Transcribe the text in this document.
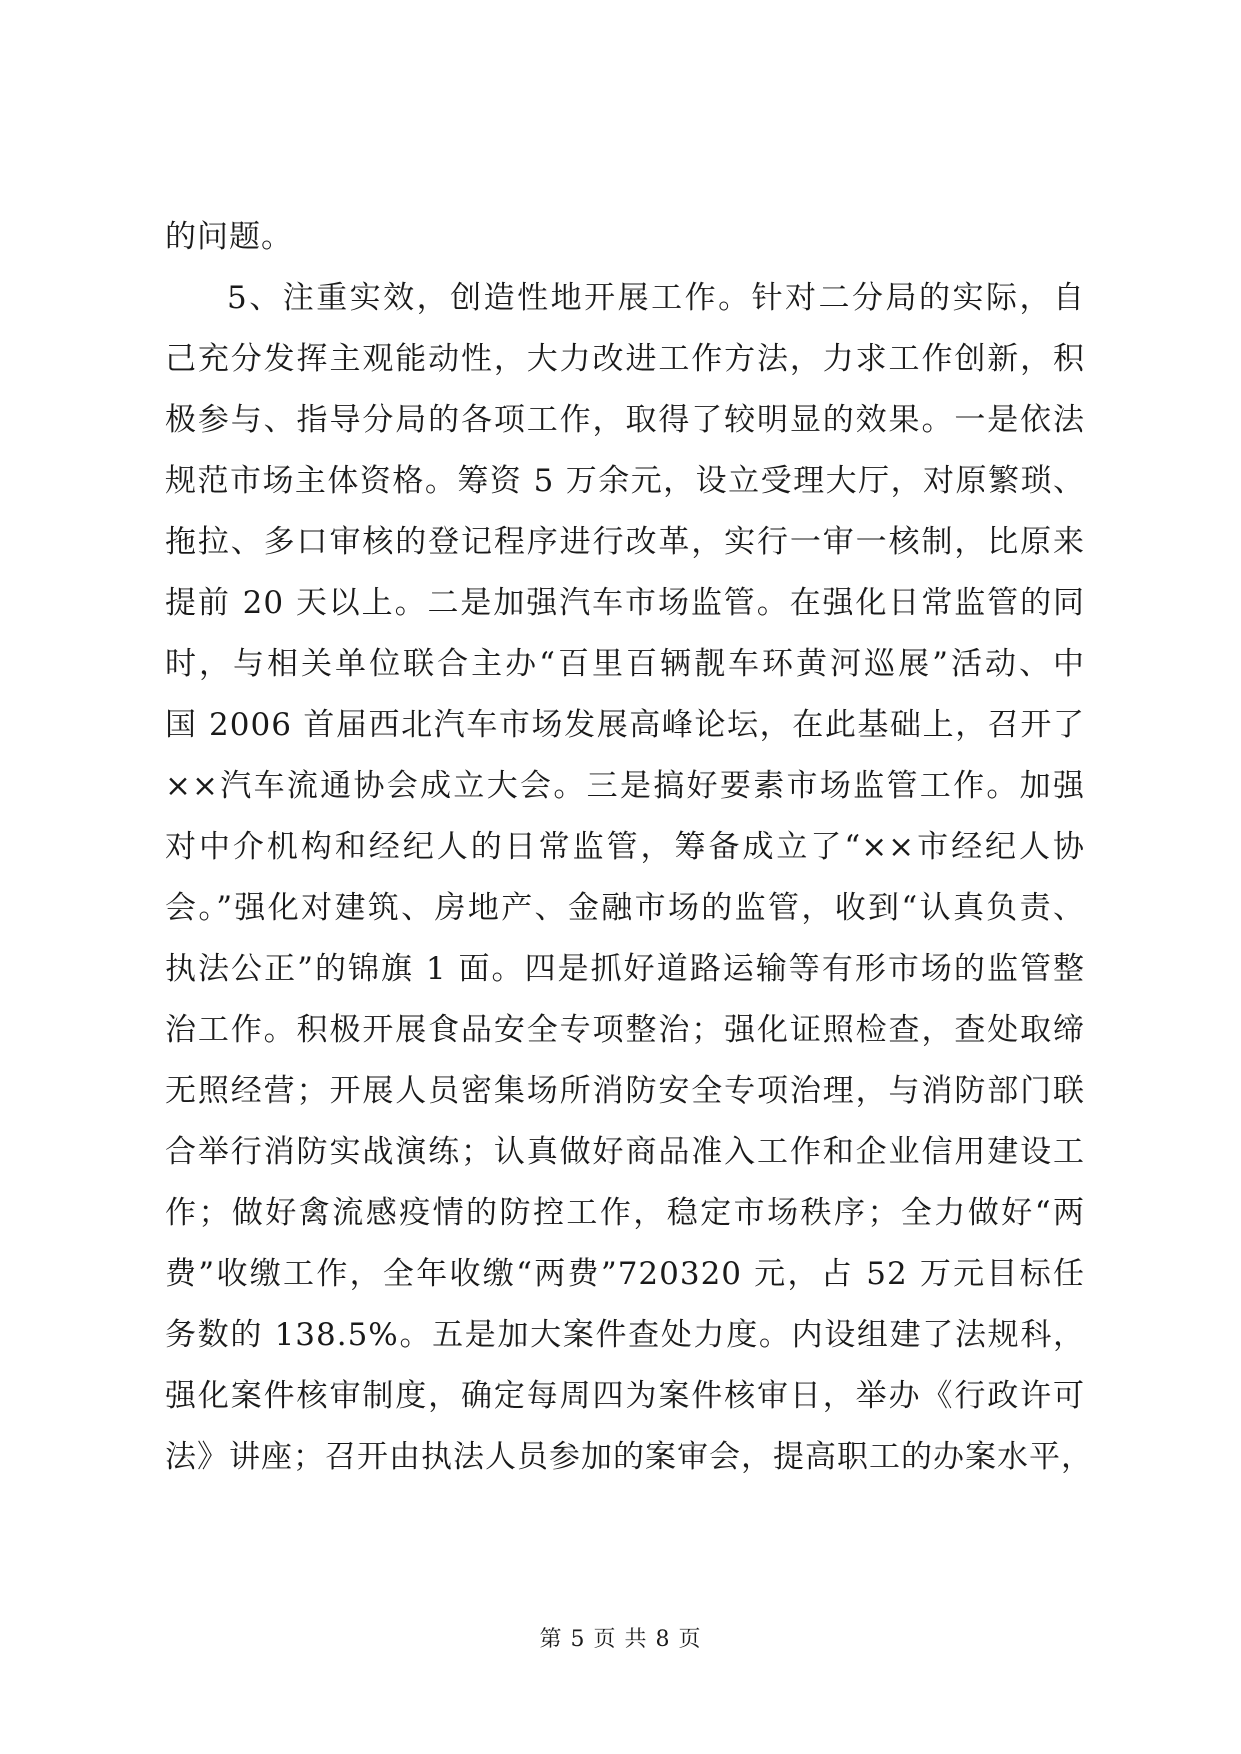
的问题。
5、注重实效，创造性地开展工作。针对二分局的实际，自
己充分发挥主观能动性，大力改进工作方法，力求工作创新，积
极参与、指导分局的各项工作，取得了较明显的效果。一是依法
规范市场主体资格。筹资 5 万余元，设立受理大厅，对原繁琐、
拖拉、多口审核的登记程序进行改革，实行一审一核制，比原来
提前 20 天以上。二是加强汽车市场监管。在强化日常监管的同
时，与相关单位联合主办“百里百辆靓车环黄河巡展”活动、中
国 2006 首届西北汽车市场发展高峰论坛，在此基础上，召开了
××汽车流通协会成立大会。三是搞好要素市场监管工作。加强
对中介机构和经纪人的日常监管，筹备成立了“××市经纪人协
会。”强化对建筑、房地产、金融市场的监管，收到“认真负责、
执法公正”的锦旗 1 面。四是抓好道路运输等有形市场的监管整
治工作。积极开展食品安全专项整治；强化证照检查，查处取缔
无照经营；开展人员密集场所消防安全专项治理，与消防部门联
合举行消防实战演练；认真做好商品准入工作和企业信用建设工
作；做好禽流感疫情的防控工作，稳定市场秩序；全力做好“两
费”收缴工作，全年收缴“两费”720320 元，占 52 万元目标任
务数的 138.5%。五是加大案件查处力度。内设组建了法规科，
强化案件核审制度，确定每周四为案件核审日，举办《行政许可
法》讲座；召开由执法人员参加的案审会，提高职工的办案水平，
第 5 页 共 8 页
